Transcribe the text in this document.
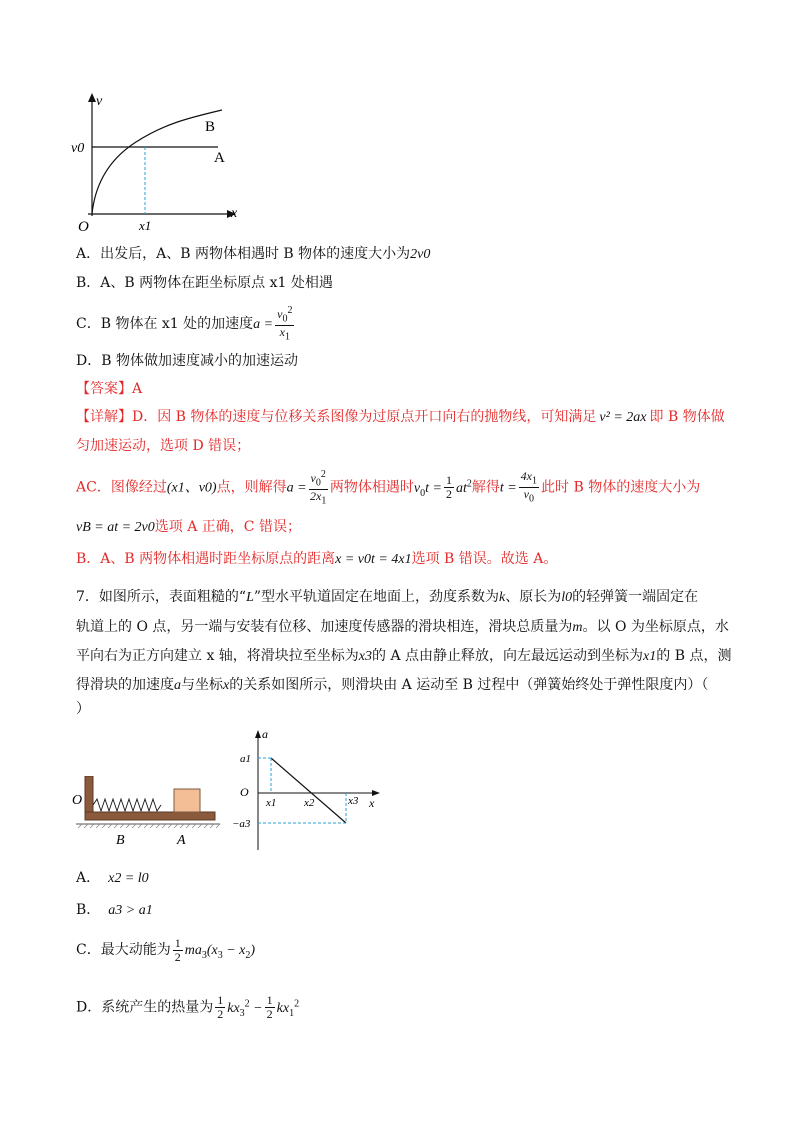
v
x
O
v0
x1
B
A
A．出发后，A、B 两物体相遇时 B 物体的速度大小为2v0
B．A、B 两物体在距坐标原点 x1 处相遇
C．B 物体在 x1 处的加速度$a = \frac{v_0^2}{x_1}$
D．B 物体做加速度减小的加速运动
【答案】A
【详解】D．因 B 物体的速度与位移关系图像为过原点开口向右的抛物线，可知满足 v² = 2ax 即 B 物体做
匀加速运动，选项 D 错误；
AC．图像经过(x1、v0)点，则解得$a = \frac{v_0^2}{2x_1}$ 两物体相遇时$v_0t = \frac{1}{2} at^2$解得$t = \frac{4x_1}{v_0}$ 此时 B 物体的速度大小为
vB = at = 2v0选项 A 正确，C 错误；
B．A、B 两物体相遇时距坐标原点的距离x = v0t = 4x1选项 B 错误。故选 A。
7．如图所示，表面粗糙的“L”型水平轨道固定在地面上，劲度系数为k、原长为l0的轻弹簧一端固定在
轨道上的 O 点，另一端与安装有位移、加速度传感器的滑块相连，滑块总质量为m。以 O 为坐标原点，水
平向右为正方向建立 x 轴，将滑块拉至坐标为x3的 A 点由静止释放，向左最远运动到坐标为x1的 B 点，测
得滑块的加速度a与坐标x的关系如图所示，则滑块由 A 运动至 B 过程中（弹簧始终处于弹性限度内）（
）
O
B	A
a
x
O
a1
−a3
x1	x2	x3
A． x2 = l0
B． a3 > a1
C．最大动能为 $\frac{1}{2} ma_3(x_3 - x_2)$
D．系统产生的热量为 $\frac{1}{2} kx_3^2 - \frac{1}{2} kx_1^2$
